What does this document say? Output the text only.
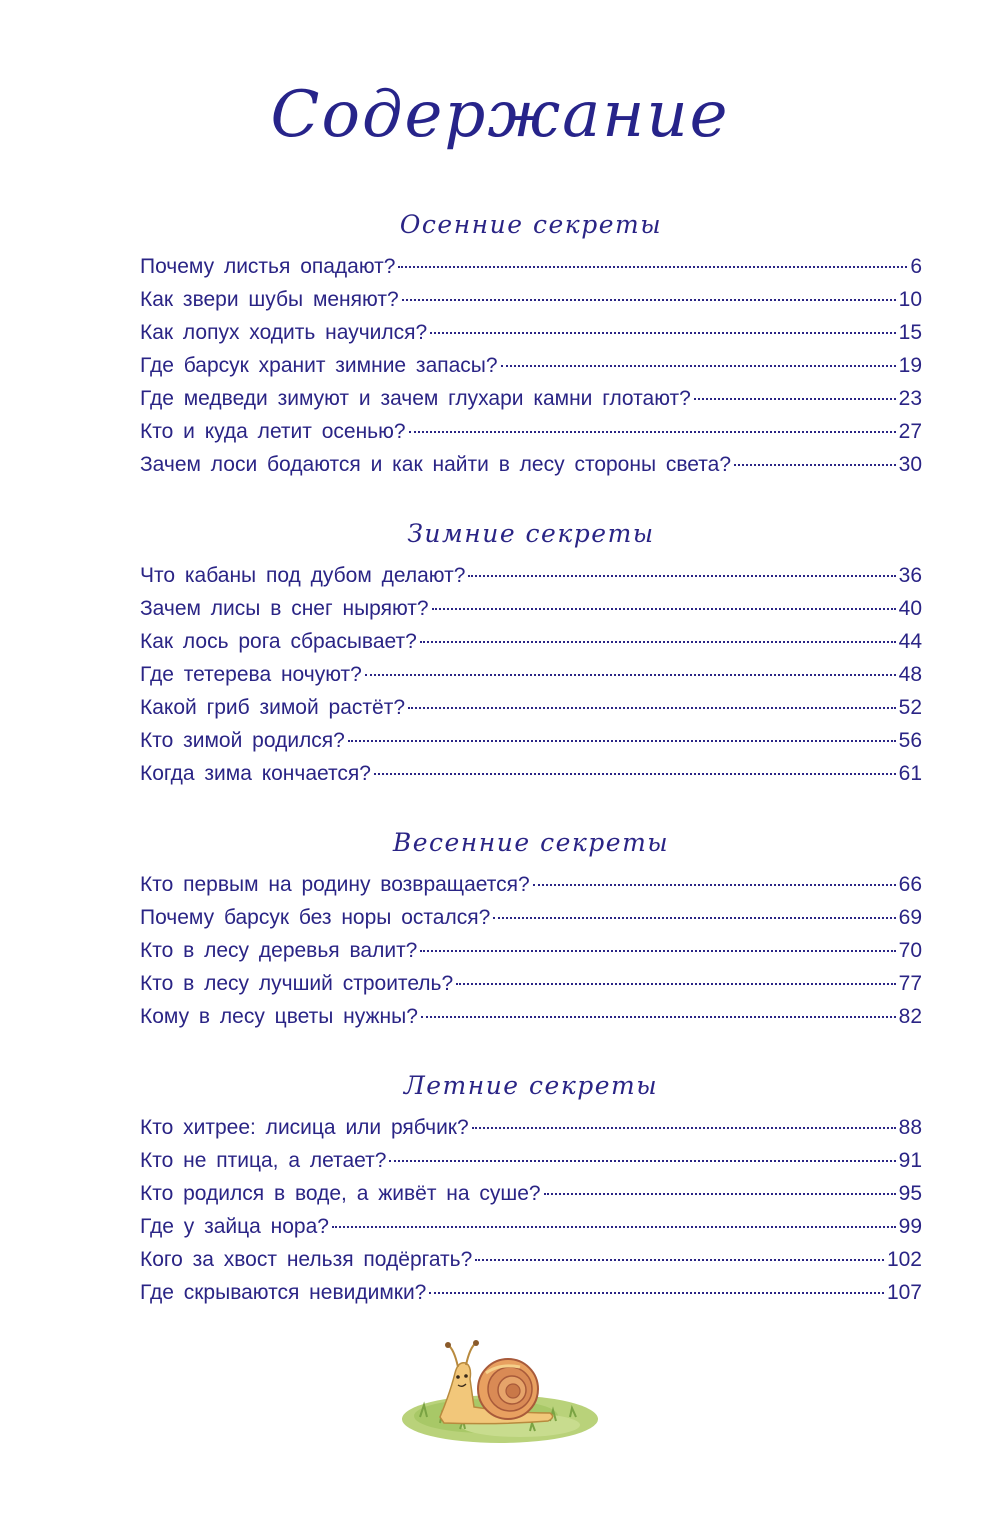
Содержание
Осенние секреты
Почему листья опадают?	6
Как звери шубы меняют?	10
Как лопух ходить научился?	15
Где барсук хранит зимние запасы?	19
Где медведи зимуют и зачем глухари камни глотают?	23
Кто и куда летит осенью?	27
Зачем лоси бодаются и как найти в лесу стороны света?	30
Зимние секреты
Что кабаны под дубом делают?	36
Зачем лисы в снег ныряют?	40
Как лось рога сбрасывает?	44
Где тетерева ночуют?	48
Какой гриб зимой растёт?	52
Кто зимой родился?	56
Когда зима кончается?	61
Весенние секреты
Кто первым на родину возвращается?	66
Почему барсук без норы остался?	69
Кто в лесу деревья валит?	70
Кто в лесу лучший строитель?	77
Кому в лесу цветы нужны?	82
Летние секреты
Кто хитрее: лисица или рябчик?	88
Кто не птица, а летает?	91
Кто родился в воде, а живёт на суше?	95
Где у зайца нора?	99
Кого за хвост нельзя подёргать?	102
Где скрываются невидимки?	107
